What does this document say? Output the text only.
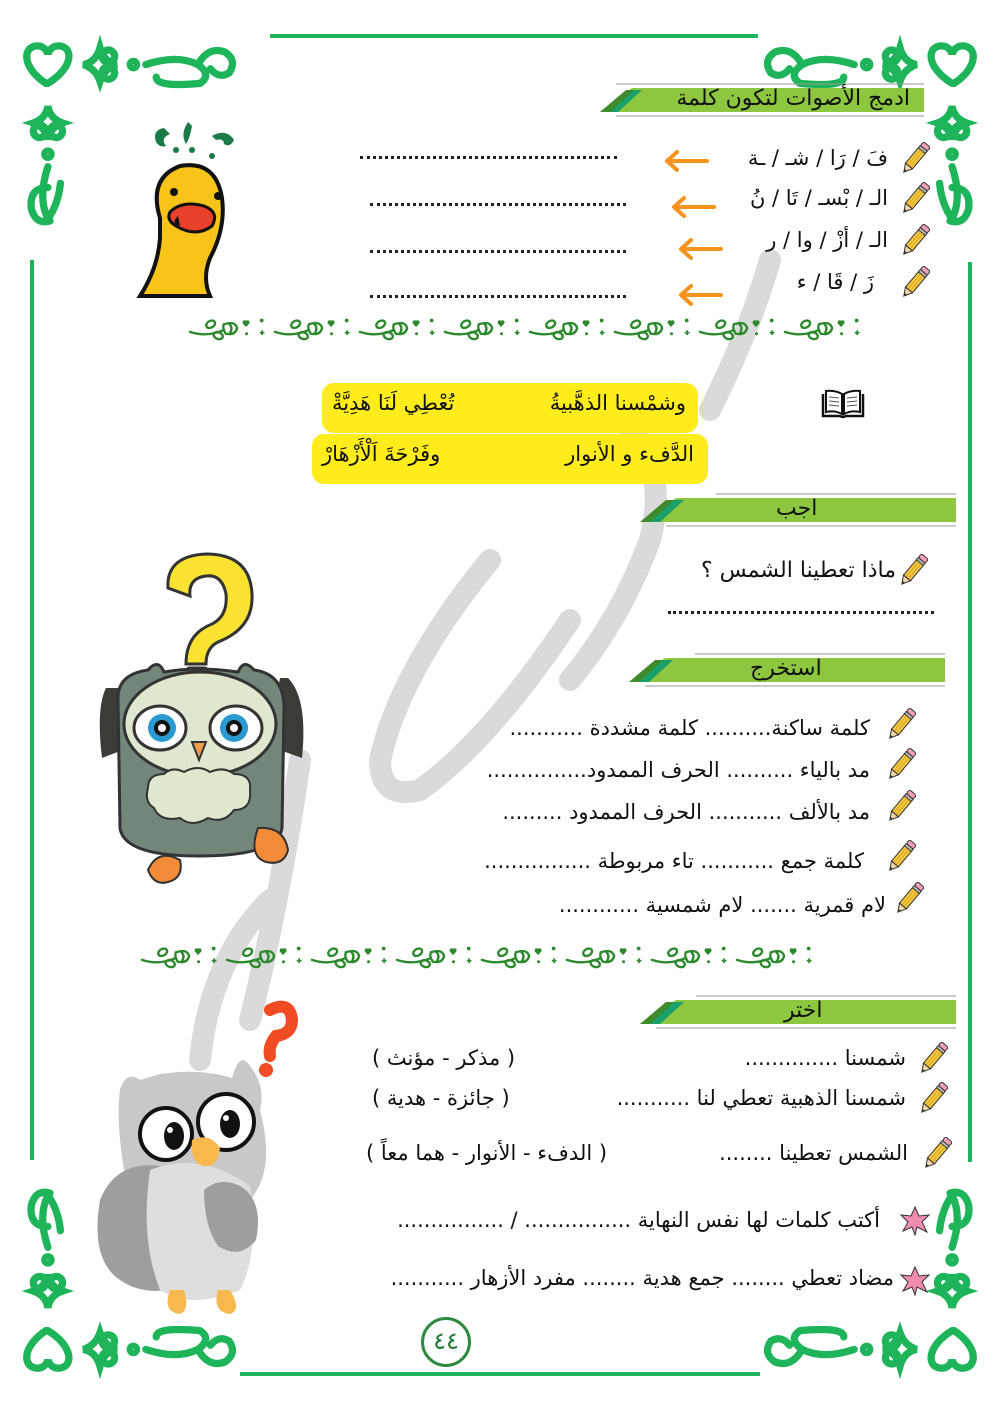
ادمج الأصوات لتكون كلمة
فَ / رَا / شـ / ـة
الـ / بْسـ / تَا / نُ
الـ / أزْ / وا / ر
زَ / قَا / ء
وشمْسنا الذهَّبيةُ
تُعْطِي لَنَا هَدِيَّةْ
الدَّفء و الأنوار
وفَرْحَةَ اَلْأَزْهَارْ
اجب
ماذا تعطينا الشمس ؟
استخرج
كلمة ساكنة.......... كلمة مشددة ...........
مد بالياء .......... الحرف الممدود...............
مد بالألف ........... الحرف الممدود .........
كلمة جمع ........... تاء مربوطة ................
لام قمرية ....... لام شمسية ............
اختر
شمسنا ..............
( مذكر - مؤنث )
شمسنا الذهبية تعطي لنا ...........
( جائزة - هدية )
الشمس تعطينا ........
( الدفء - الأنوار - هما معاً )
أكتب كلمات لها نفس النهاية ................ / ................
مضاد تعطي ........ جمع هدية ........ مفرد الأزهار ...........
٤٤
